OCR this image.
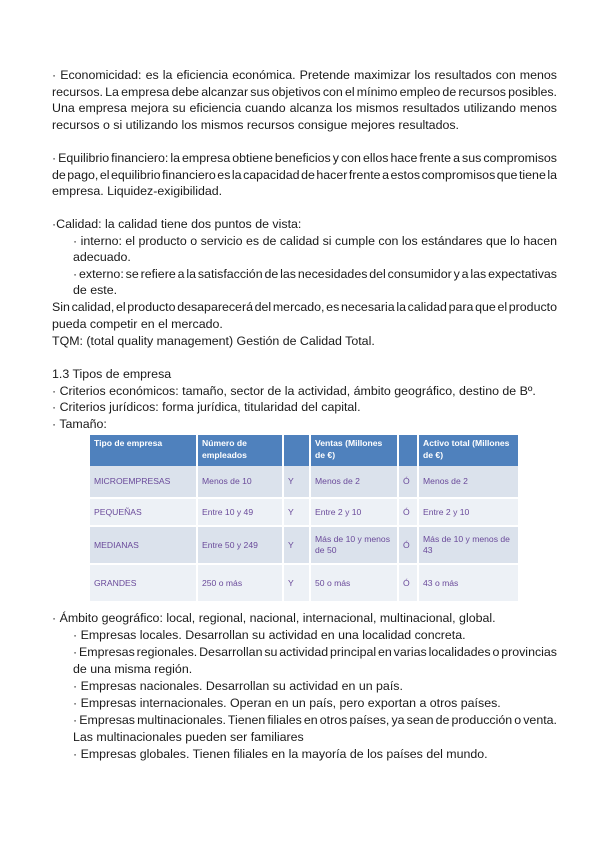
· Economicidad: es la eficiencia económica. Pretende maximizar los resultados con menos
recursos. La empresa debe alcanzar sus objetivos con el mínimo empleo de recursos posibles.
Una empresa mejora su eficiencia cuando alcanza los mismos resultados utilizando menos
recursos o si utilizando los mismos recursos consigue mejores resultados.
· Equilibrio financiero: la empresa obtiene beneficios y con ellos hace frente a sus compromisos
de pago, el equilibrio financiero es la capacidad de hacer frente a estos compromisos que tiene la
empresa. Liquidez-exigibilidad.
·Calidad: la calidad tiene dos puntos de vista:
· interno: el producto o servicio es de calidad si cumple con los estándares que lo hacen
adecuado.
· externo: se refiere a la satisfacción de las necesidades del consumidor y a las expectativas
de este.
Sin calidad, el producto desaparecerá del mercado, es necesaria la calidad para que el producto
pueda competir en el mercado.
TQM: (total quality management) Gestión de Calidad Total.
1.3 Tipos de empresa
· Criterios económicos: tamaño, sector de la actividad, ámbito geográfico, destino de Bº.
· Criterios jurídicos: forma jurídica, titularidad del capital.
· Tamaño:
Tipo de empresa	Número de empleados		Ventas (Millones de €)		Activo total (Millones de €)
MICROEMPRESAS	Menos de 10	Y	Menos de 2	Ó	Menos de 2
PEQUEÑAS	Entre 10 y 49	Y	Entre 2 y 10	Ó	Entre 2 y 10
MEDIANAS	Entre 50 y 249	Y	Más de 10 y menos de 50	Ó	Más de 10 y menos de 43
GRANDES	250 o más	Y	50 o más	Ó	43 o más
· Ámbito geográfico: local, regional, nacional, internacional, multinacional, global.
· Empresas locales. Desarrollan su actividad en una localidad concreta.
· Empresas regionales. Desarrollan su actividad principal en varias localidades o provincias
de una misma región.
· Empresas nacionales. Desarrollan su actividad en un país.
· Empresas internacionales. Operan en un país, pero exportan a otros países.
· Empresas multinacionales. Tienen filiales en otros países, ya sean de producción o venta.
Las multinacionales pueden ser familiares
· Empresas globales. Tienen filiales en la mayoría de los países del mundo.
